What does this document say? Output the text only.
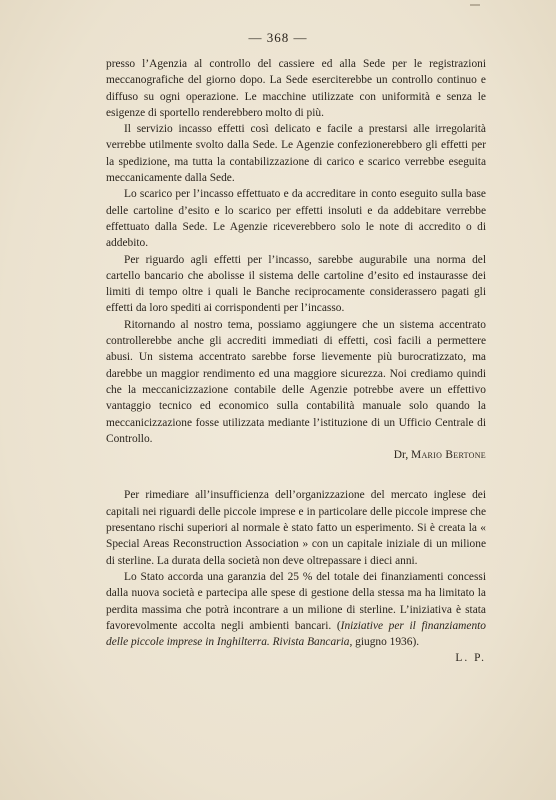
— 368 —

presso l’Agenzia al controllo del cassiere ed alla Sede per le registrazioni meccanografiche del giorno dopo. La Sede eserciterebbe un controllo continuo e diffuso su ogni operazione. Le macchine utilizzate con uniformità e senza le esigenze di sportello renderebbero molto di più.

Il servizio incasso effetti così delicato e facile a prestarsi alle irregolarità verrebbe utilmente svolto dalla Sede. Le Agenzie confezionerebbero gli effetti per la spedizione, ma tutta la contabilizzazione di carico e scarico verrebbe eseguita meccanicamente dalla Sede.

Lo scarico per l’incasso effettuato e da accreditare in conto eseguito sulla base delle cartoline d’esito e lo scarico per effetti insoluti e da addebitare verrebbe effettuato dalla Sede. Le Agenzie riceverebbero solo le note di accredito o di addebito.

Per riguardo agli effetti per l’incasso, sarebbe augurabile una norma del cartello bancario che abolisse il sistema delle cartoline d’esito ed instaurasse dei limiti di tempo oltre i quali le Banche reciprocamente considerassero pagati gli effetti da loro spediti ai corrispondenti per l’incasso.

Ritornando al nostro tema, possiamo aggiungere che un sistema accentrato controllerebbe anche gli accrediti immediati di effetti, così facili a permettere abusi. Un sistema accentrato sarebbe forse lievemente più burocratizzato, ma darebbe un maggior rendimento ed una maggiore sicurezza. Noi crediamo quindi che la meccanicizzazione contabile delle Agenzie potrebbe avere un effettivo vantaggio tecnico ed economico sulla contabilità manuale solo quando la meccanicizzazione fosse utilizzata mediante l’istituzione di un Ufficio Centrale di Controllo.

Dr, Mario Bertone

Per rimediare all’insufficienza dell’organizzazione del mercato inglese dei capitali nei riguardi delle piccole imprese e in particolare delle piccole imprese che presentano rischi superiori al normale è stato fatto un esperimento. Si è creata la « Special Areas Reconstruction Association » con un capitale iniziale di un milione di sterline. La durata della società non deve oltrepassare i dieci anni.

Lo Stato accorda una garanzia del 25 % del totale dei finanziamenti concessi dalla nuova società e partecipa alle spese di gestione della stessa ma ha limitato la perdita massima che potrà incontrare a un milione di sterline. L’iniziativa è stata favorevolmente accolta negli ambienti bancari. (Iniziative per il finanziamento delle piccole imprese in Inghilterra. Rivista Bancaria, giugno 1936).

L. P.
